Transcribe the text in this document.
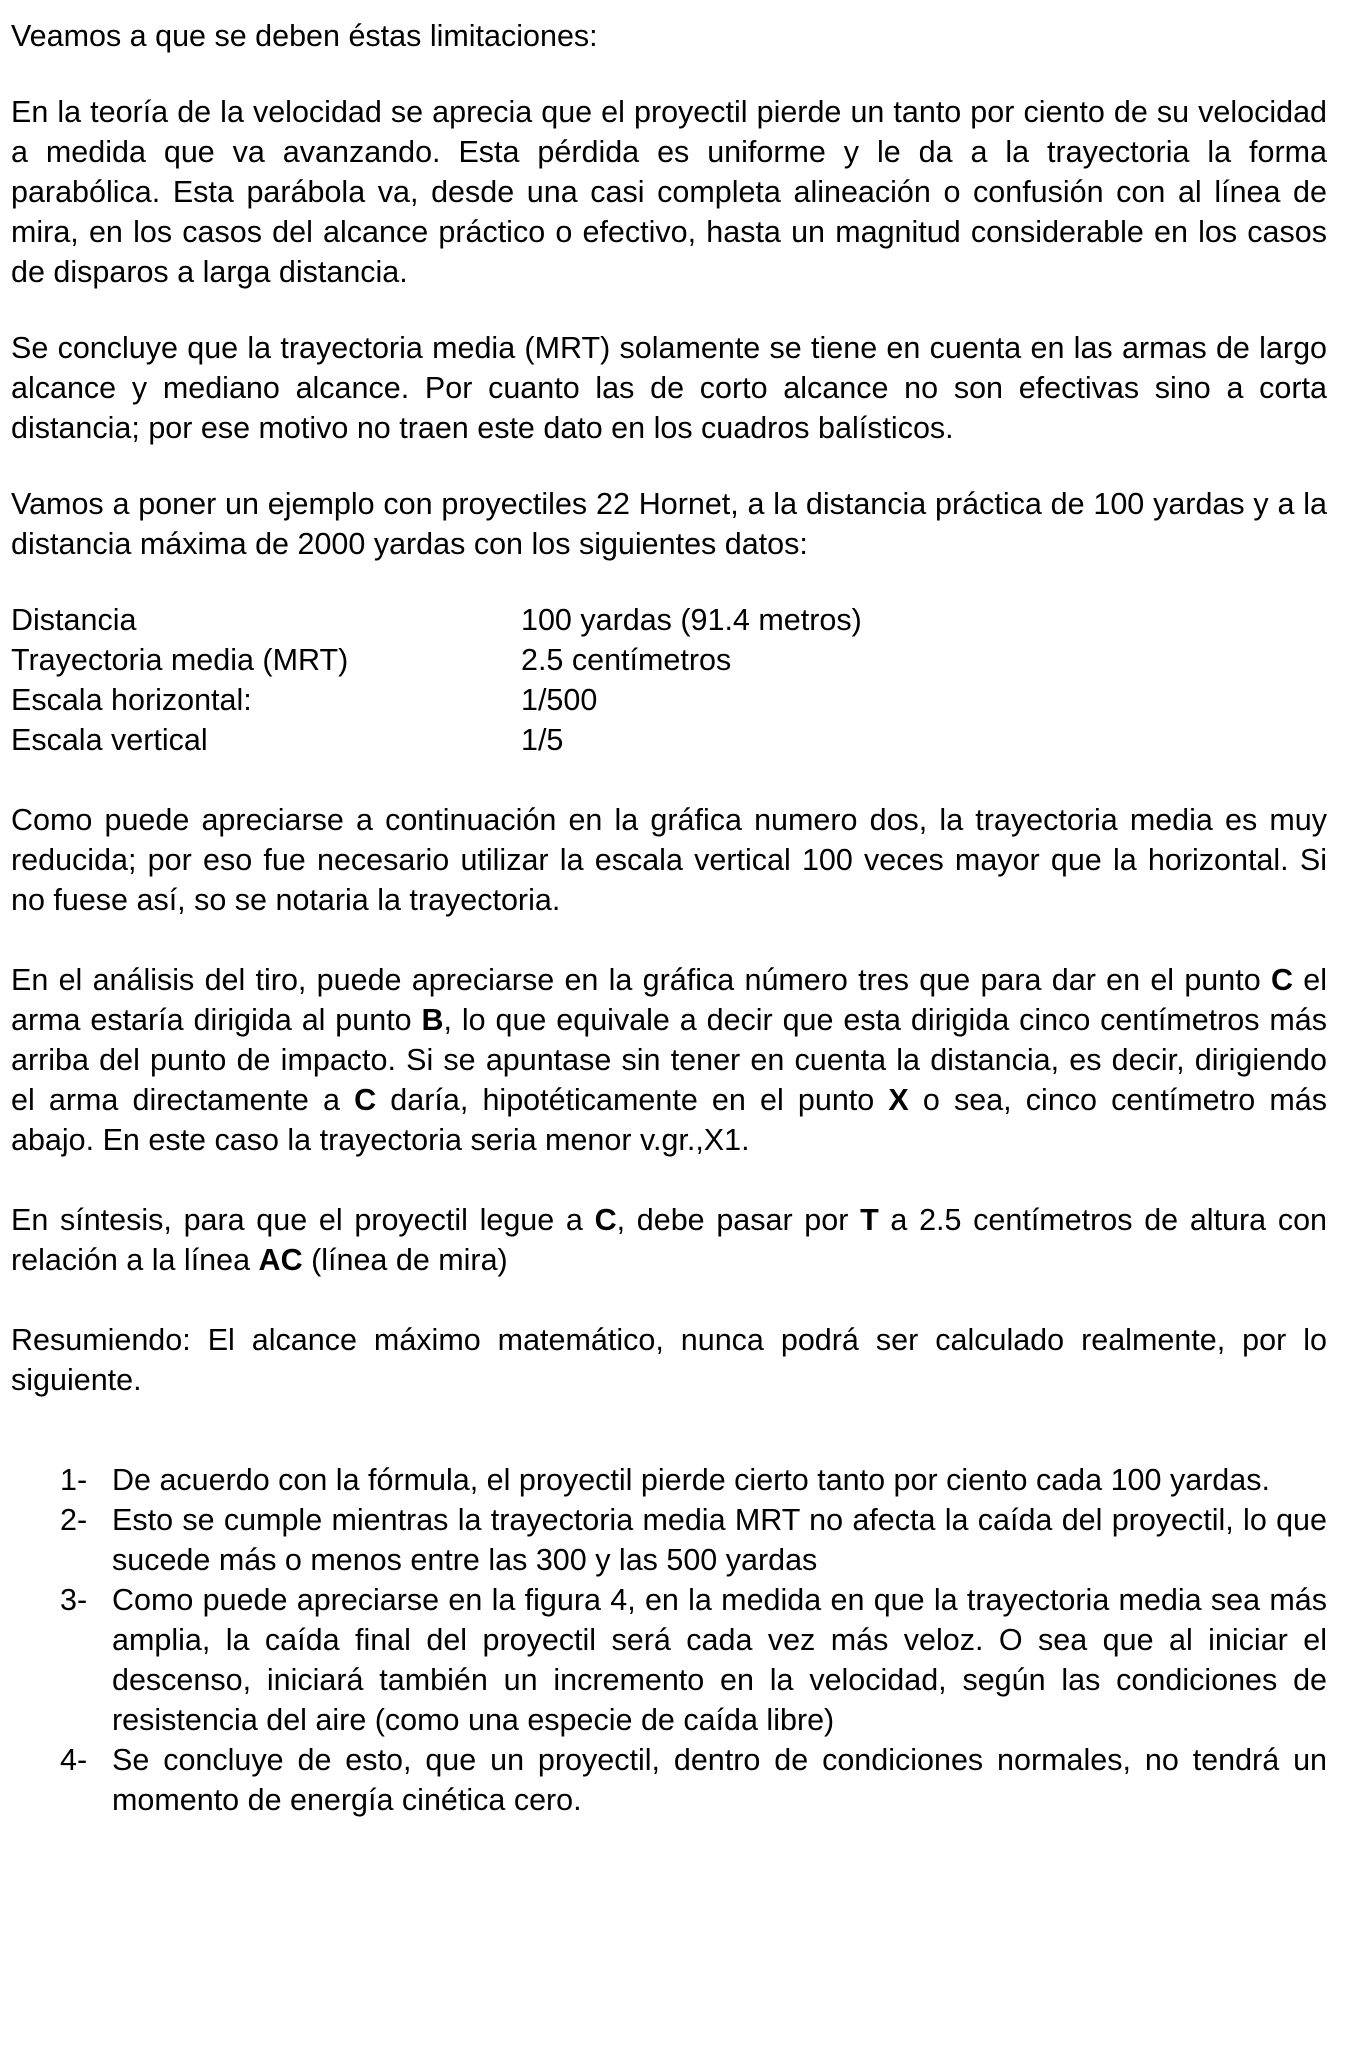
Veamos a que se deben éstas limitaciones:

En la teoría de la velocidad se aprecia que el proyectil pierde un tanto por ciento de su velocidad a medida que va avanzando. Esta pérdida es uniforme y le da a la trayectoria la forma parabólica. Esta parábola va, desde una casi completa alineación o confusión con al línea de mira, en los casos del alcance práctico o efectivo, hasta un magnitud considerable en los casos de disparos a larga distancia.

Se concluye que la trayectoria media (MRT) solamente se tiene en cuenta en las armas de largo alcance y mediano alcance. Por cuanto las de corto alcance no son efectivas sino a corta distancia; por ese motivo no traen este dato en los cuadros balísticos.

Vamos a poner un ejemplo con proyectiles 22 Hornet, a la distancia práctica de 100 yardas y a la distancia máxima de 2000 yardas con los siguientes datos:

Distancia	100 yardas (91.4 metros)
Trayectoria media (MRT)	2.5 centímetros
Escala horizontal:	1/500
Escala vertical	1/5

Como puede apreciarse a continuación en la gráfica numero dos, la trayectoria media es muy reducida; por eso fue necesario utilizar la escala vertical 100 veces mayor que la horizontal. Si no fuese así, so se notaria la trayectoria.

En el análisis del tiro, puede apreciarse en la gráfica número tres que para dar en el punto C el arma estaría dirigida al punto B, lo que equivale a decir que esta dirigida cinco centímetros más arriba del punto de impacto. Si se apuntase sin tener en cuenta la distancia, es decir, dirigiendo el arma directamente a C daría, hipotéticamente en el punto X o sea, cinco centímetro más abajo. En este caso la trayectoria seria menor v.gr.,X1.

En síntesis, para que el proyectil legue a C, debe pasar por T a 2.5 centímetros de altura con relación a la línea AC (línea de mira)

Resumiendo: El alcance máximo matemático, nunca podrá ser calculado realmente, por lo siguiente.

1- De acuerdo con la fórmula, el proyectil pierde cierto tanto por ciento cada 100 yardas.
2- Esto se cumple mientras la trayectoria media MRT no afecta la caída del proyectil, lo que sucede más o menos entre las 300 y las 500 yardas
3- Como puede apreciarse en la figura 4, en la medida en que la trayectoria media sea más amplia, la caída final del proyectil será cada vez más veloz. O sea que al iniciar el descenso, iniciará también un incremento en la velocidad, según las condiciones de resistencia del aire (como una especie de caída libre)
4- Se concluye de esto, que un proyectil, dentro de condiciones normales, no tendrá un momento de energía cinética cero.
